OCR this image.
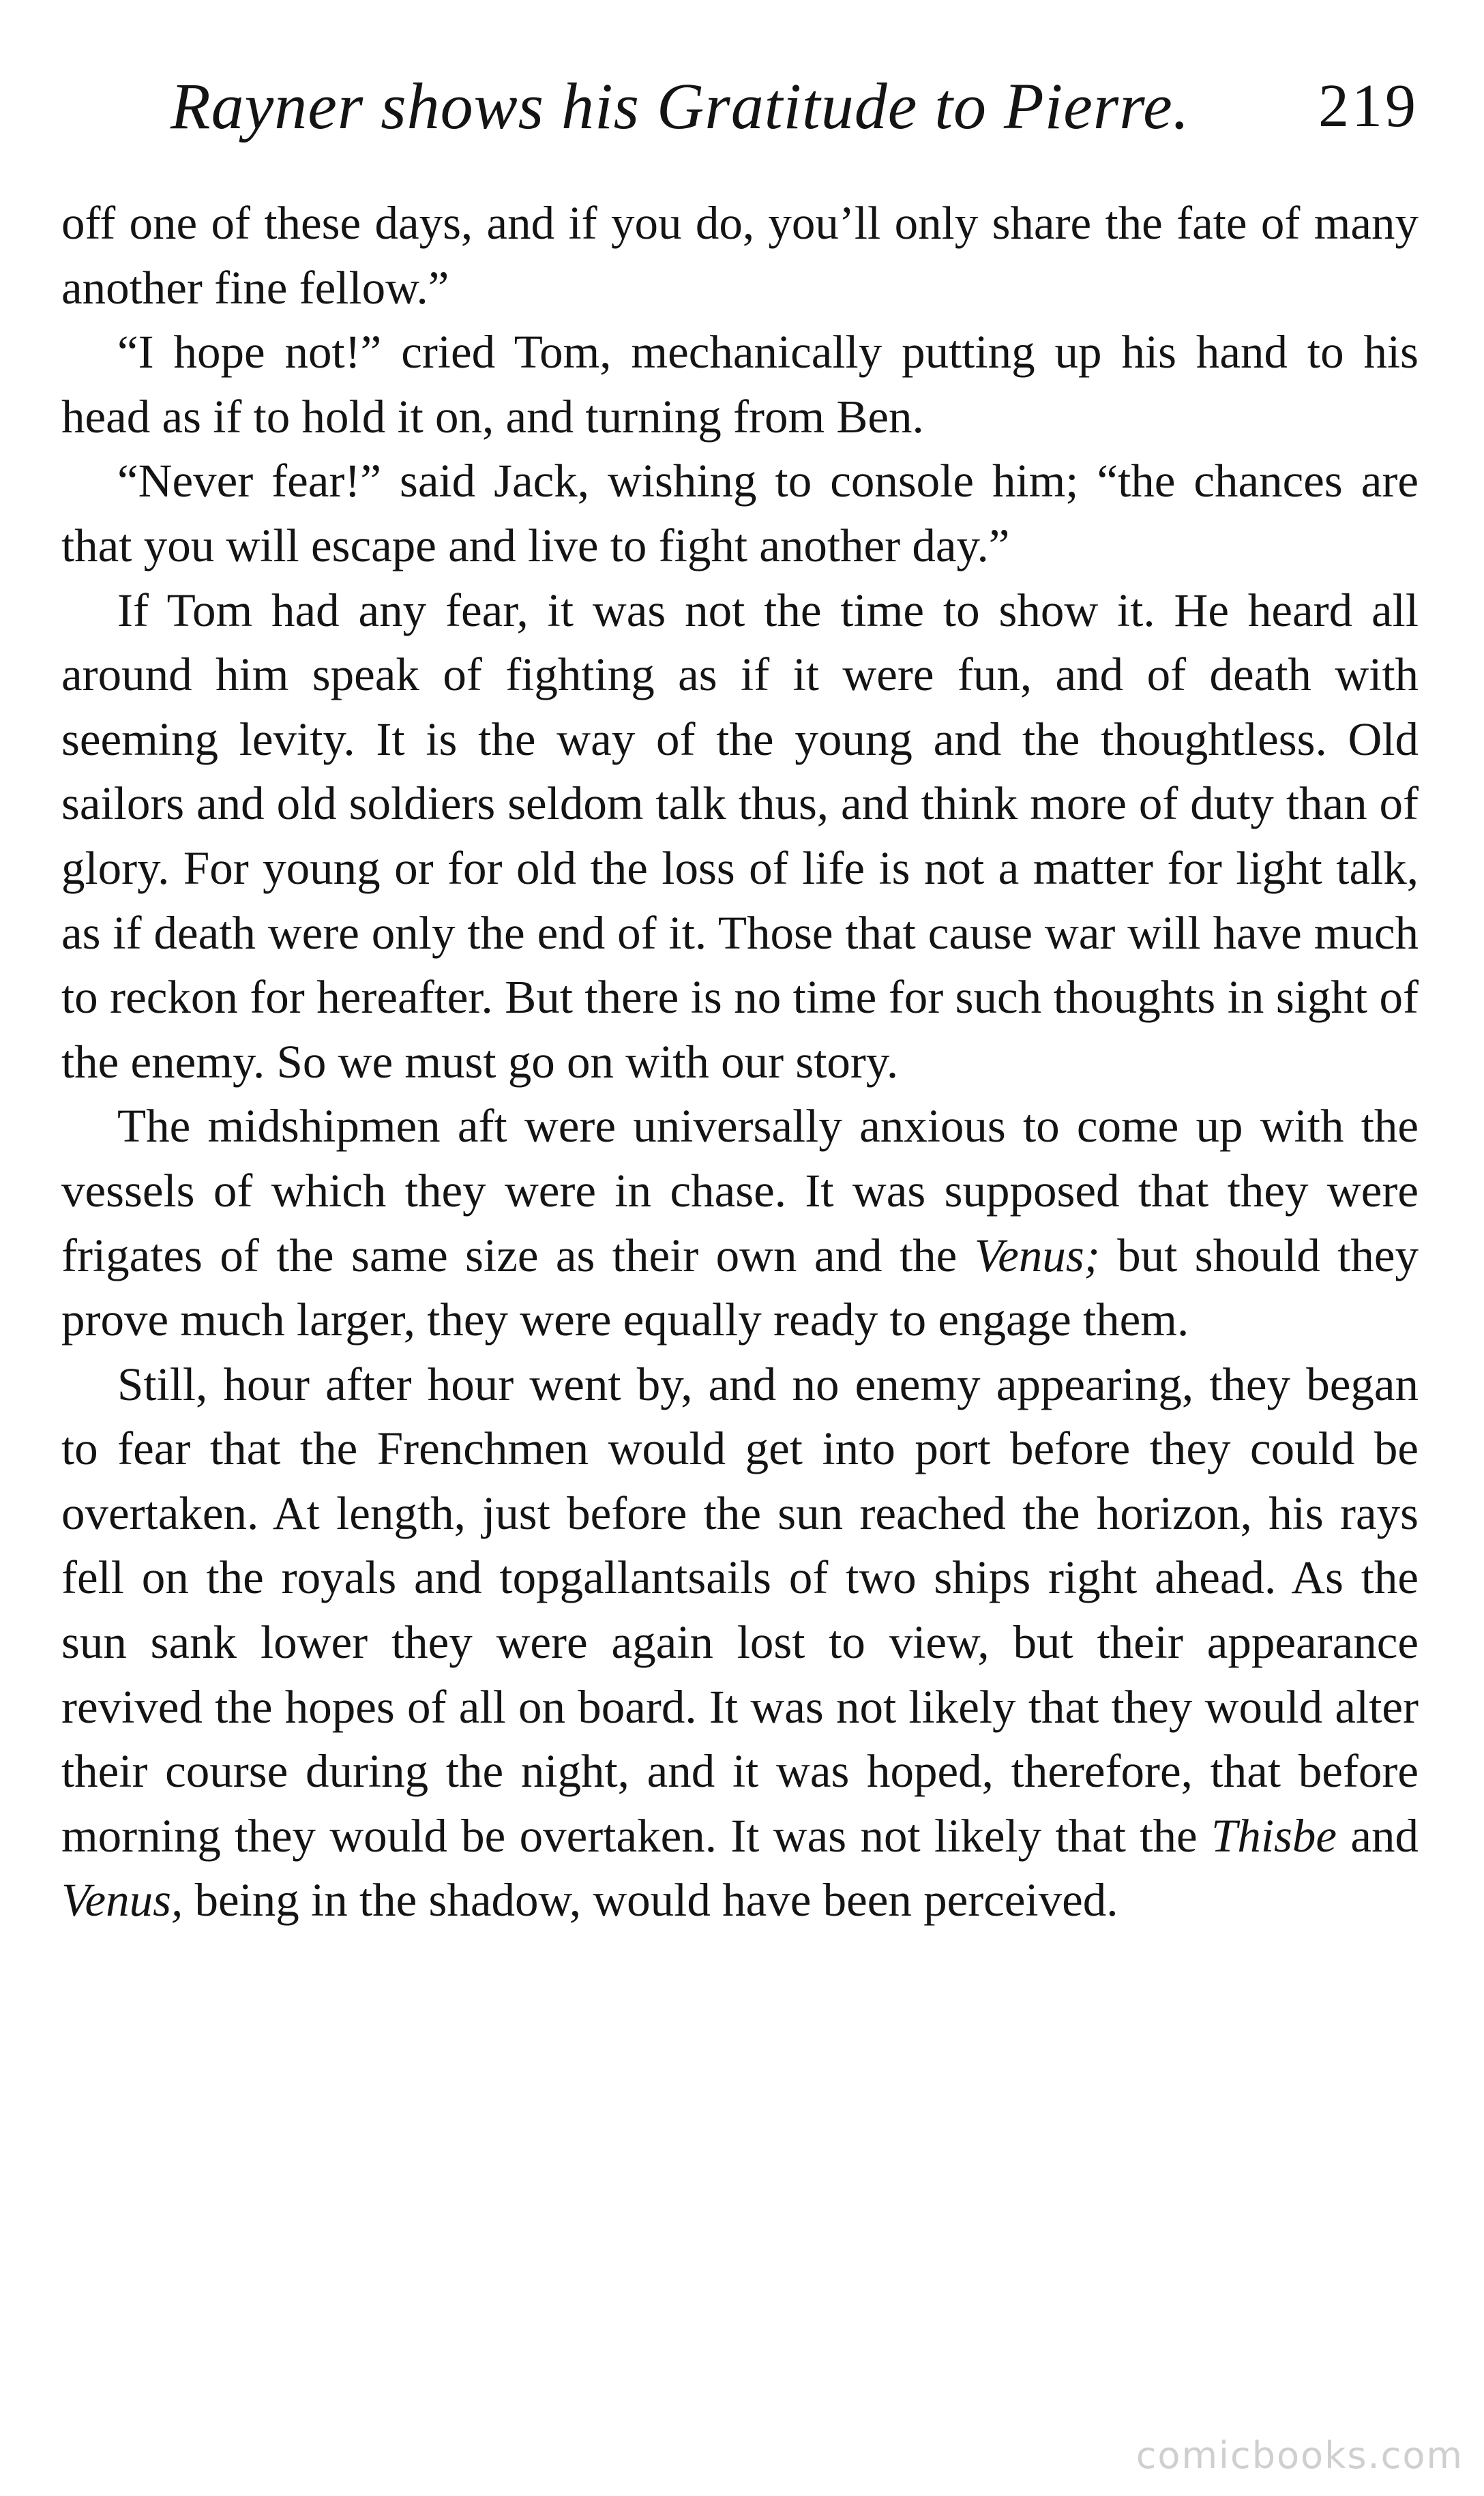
Rayner shows his Gratitude to Pierre. 219

off one of these days, and if you do, you’ll only share the fate of many another fine fellow.”

“I hope not!” cried Tom, mechanically putting up his hand to his head as if to hold it on, and turning from Ben.

“Never fear!” said Jack, wishing to console him; “the chances are that you will escape and live to fight another day.”

If Tom had any fear, it was not the time to show it. He heard all around him speak of fighting as if it were fun, and of death with seeming levity. It is the way of the young and the thoughtless. Old sailors and old soldiers seldom talk thus, and think more of duty than of glory. For young or for old the loss of life is not a matter for light talk, as if death were only the end of it. Those that cause war will have much to reckon for hereafter. But there is no time for such thoughts in sight of the enemy. So we must go on with our story.

The midshipmen aft were universally anxious to come up with the vessels of which they were in chase. It was supposed that they were frigates of the same size as their own and the Venus; but should they prove much larger, they were equally ready to engage them.

Still, hour after hour went by, and no enemy appearing, they began to fear that the Frenchmen would get into port before they could be overtaken. At length, just before the sun reached the horizon, his rays fell on the royals and topgallantsails of two ships right ahead. As the sun sank lower they were again lost to view, but their appearance revived the hopes of all on board. It was not likely that they would alter their course during the night, and it was hoped, therefore, that before morning they would be overtaken. It was not likely that the Thisbe and Venus, being in the shadow, would have been perceived.

comicbooks.com
